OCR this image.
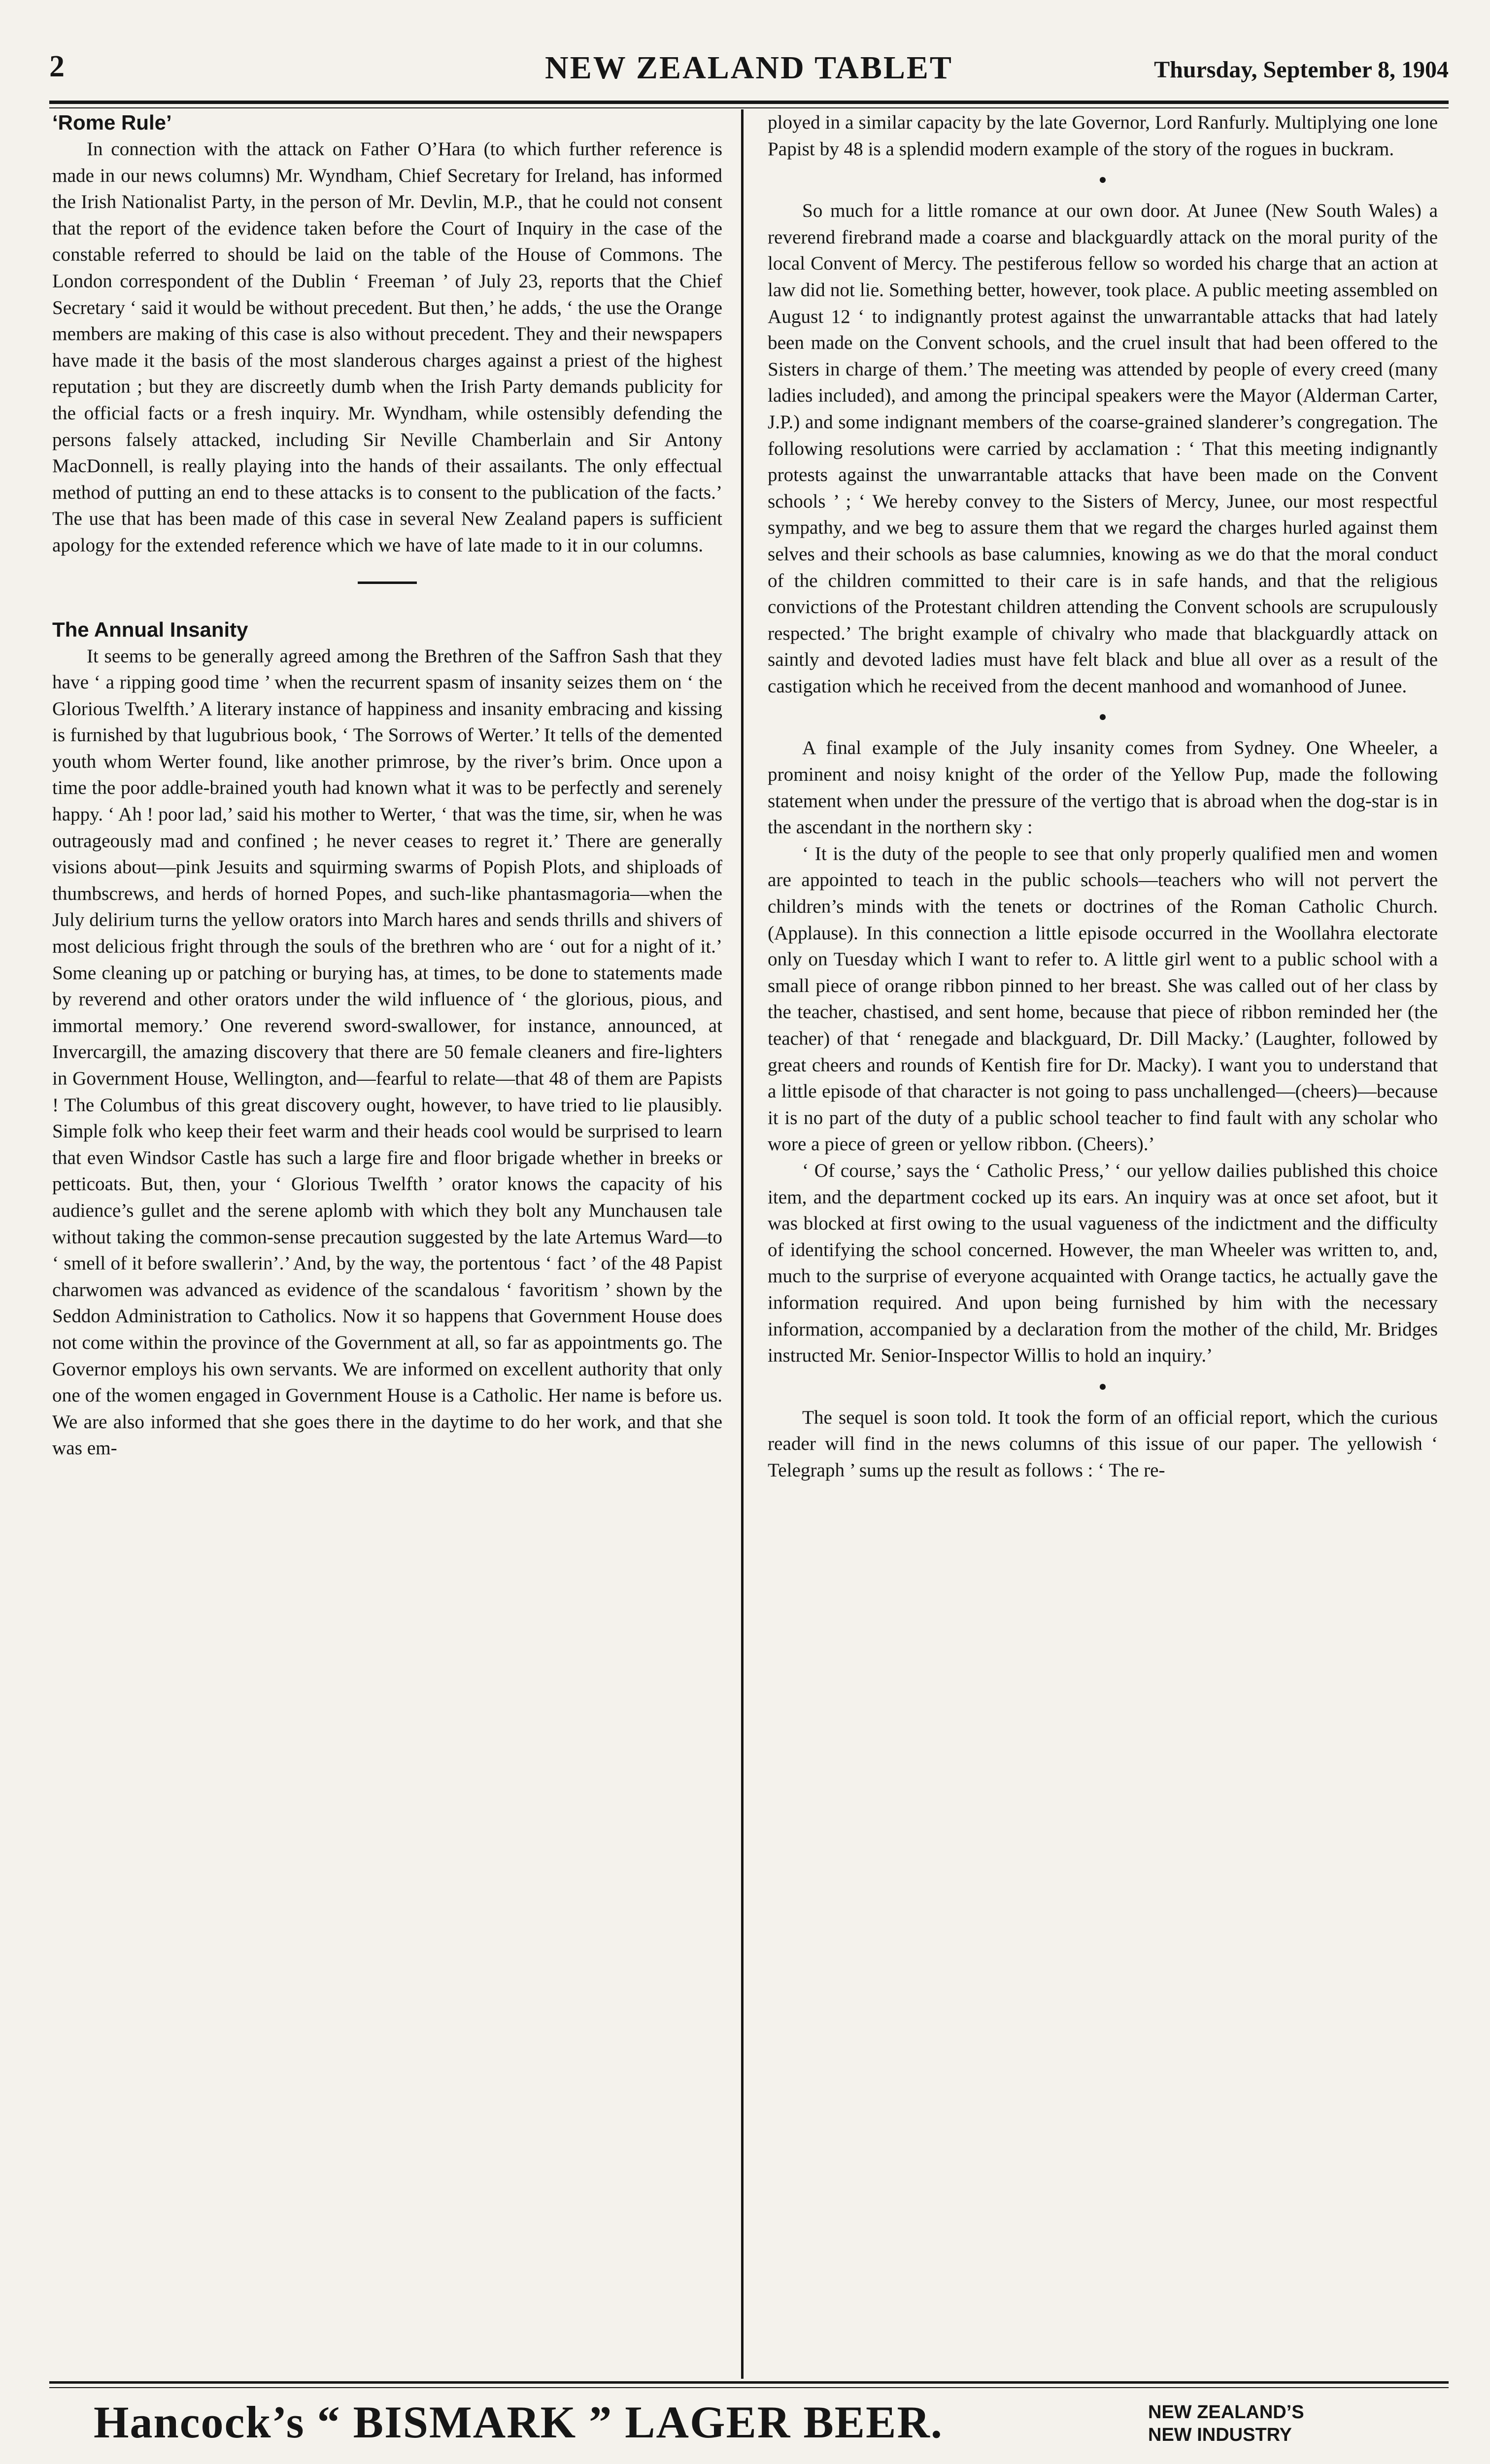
2	NEW ZEALAND TABLET	Thursday, September 8, 1904
‘Rome Rule’

In connection with the attack on Father O’Hara (to which further reference is made in our news columns) Mr. Wyndham, Chief Secretary for Ireland, has informed the Irish Nationalist Party, in the person of Mr. Devlin, M.P., that he could not consent that the report of the evidence taken before the Court of Inquiry in the case of the constable referred to should be laid on the table of the House of Commons. The London correspondent of the Dublin ‘ Freeman ’ of July 23, reports that the Chief Secretary ‘ said it would be without precedent. But then,’ he adds, ‘ the use the Orange members are making of this case is also without precedent. They and their newspapers have made it the basis of the most slanderous charges against a priest of the highest reputation ; but they are discreetly dumb when the Irish Party demands publicity for the official facts or a fresh inquiry. Mr. Wyndham, while ostensibly defending the persons falsely attacked, including Sir Neville Chamberlain and Sir Antony MacDonnell, is really playing into the hands of their assailants. The only effectual method of putting an end to these attacks is to consent to the publication of the facts.’ The use that has been made of this case in several New Zealand papers is sufficient apology for the extended reference which we have of late made to it in our columns.

The Annual Insanity

It seems to be generally agreed among the Brethren of the Saffron Sash that they have ‘ a ripping good time ’ when the recurrent spasm of insanity seizes them on ‘ the Glorious Twelfth.’ A literary instance of happiness and insanity embracing and kissing is furnished by that lugubrious book, ‘ The Sorrows of Werter.’ It tells of the demented youth whom Werter found, like another primrose, by the river’s brim. Once upon a time the poor addle-brained youth had known what it was to be perfectly and serenely happy. ‘ Ah ! poor lad,’ said his mother to Werter, ‘ that was the time, sir, when he was outrageously mad and confined ; he never ceases to regret it.’ There are generally visions about—pink Jesuits and squirming swarms of Popish Plots, and shiploads of thumbscrews, and herds of horned Popes, and such-like phantasmagoria—when the July delirium turns the yellow orators into March hares and sends thrills and shivers of most delicious fright through the souls of the brethren who are ‘ out for a night of it.’ Some cleaning up or patching or burying has, at times, to be done to statements made by reverend and other orators under the wild influence of ‘ the glorious, pious, and immortal memory.’ One reverend sword-swallower, for instance, announced, at Invercargill, the amazing discovery that there are 50 female cleaners and fire-lighters in Government House, Wellington, and—fearful to relate—that 48 of them are Papists ! The Columbus of this great discovery ought, however, to have tried to lie plausibly. Simple folk who keep their feet warm and their heads cool would be surprised to learn that even Windsor Castle has such a large fire and floor brigade whether in breeks or petticoats. But, then, your ‘ Glorious Twelfth ’ orator knows the capacity of his audience’s gullet and the serene aplomb with which they bolt any Munchausen tale without taking the common-sense precaution suggested by the late Artemus Ward—to ‘ smell of it before swallerin’.’ And, by the way, the portentous ‘ fact ’ of the 48 Papist charwomen was advanced as evidence of the scandalous ‘ favoritism ’ shown by the Seddon Administration to Catholics. Now it so happens that Government House does not come within the province of the Government at all, so far as appointments go. The Governor employs his own servants. We are informed on excellent authority that only one of the women engaged in Government House is a Catholic. Her name is before us. We are also informed that she goes there in the daytime to do her work, and that she was em-

ployed in a similar capacity by the late Governor, Lord Ranfurly. Multiplying one lone Papist by 48 is a splendid modern example of the story of the rogues in buckram.

●

So much for a little romance at our own door. At Junee (New South Wales) a reverend firebrand made a coarse and blackguardly attack on the moral purity of the local Convent of Mercy. The pestiferous fellow so worded his charge that an action at law did not lie. Something better, however, took place. A public meeting assembled on August 12 ‘ to indignantly protest against the unwarrantable attacks that had lately been made on the Convent schools, and the cruel insult that had been offered to the Sisters in charge of them.’ The meeting was attended by people of every creed (many ladies included), and among the principal speakers were the Mayor (Alderman Carter, J.P.) and some indignant members of the coarse-grained slanderer’s congregation. The following resolutions were carried by acclamation : ‘ That this meeting indignantly protests against the unwarrantable attacks that have been made on the Convent schools ’ ; ‘ We hereby convey to the Sisters of Mercy, Junee, our most respectful sympathy, and we beg to assure them that we regard the charges hurled against them selves and their schools as base calumnies, knowing as we do that the moral conduct of the children committed to their care is in safe hands, and that the religious convictions of the Protestant children attending the Convent schools are scrupulously respected.’ The bright example of chivalry who made that blackguardly attack on saintly and devoted ladies must have felt black and blue all over as a result of the castigation which he received from the decent manhood and womanhood of Junee.

●

A final example of the July insanity comes from Sydney. One Wheeler, a prominent and noisy knight of the order of the Yellow Pup, made the following statement when under the pressure of the vertigo that is abroad when the dog-star is in the ascendant in the northern sky :

‘ It is the duty of the people to see that only properly qualified men and women are appointed to teach in the public schools—teachers who will not pervert the children’s minds with the tenets or doctrines of the Roman Catholic Church. (Applause). In this connection a little episode occurred in the Woollahra electorate only on Tuesday which I want to refer to. A little girl went to a public school with a small piece of orange ribbon pinned to her breast. She was called out of her class by the teacher, chastised, and sent home, because that piece of ribbon reminded her (the teacher) of that ‘ renegade and blackguard, Dr. Dill Macky.’ (Laughter, followed by great cheers and rounds of Kentish fire for Dr. Macky). I want you to understand that a little episode of that character is not going to pass unchallenged—(cheers)—because it is no part of the duty of a public school teacher to find fault with any scholar who wore a piece of green or yellow ribbon. (Cheers).’

‘ Of course,’ says the ‘ Catholic Press,’ ‘ our yellow dailies published this choice item, and the department cocked up its ears. An inquiry was at once set afoot, but it was blocked at first owing to the usual vagueness of the indictment and the difficulty of identifying the school concerned. However, the man Wheeler was written to, and, much to the surprise of everyone acquainted with Orange tactics, he actually gave the information required. And upon being furnished by him with the necessary information, accompanied by a declaration from the mother of the child, Mr. Bridges instructed Mr. Senior-Inspector Willis to hold an inquiry.’

●

The sequel is soon told. It took the form of an official report, which the curious reader will find in the news columns of this issue of our paper. The yellowish ‘ Telegraph ’ sums up the result as follows : ‘ The re-

Hancock’s “ BISMARK ” LAGER BEER.	NEW ZEALAND’S
NEW INDUSTRY
